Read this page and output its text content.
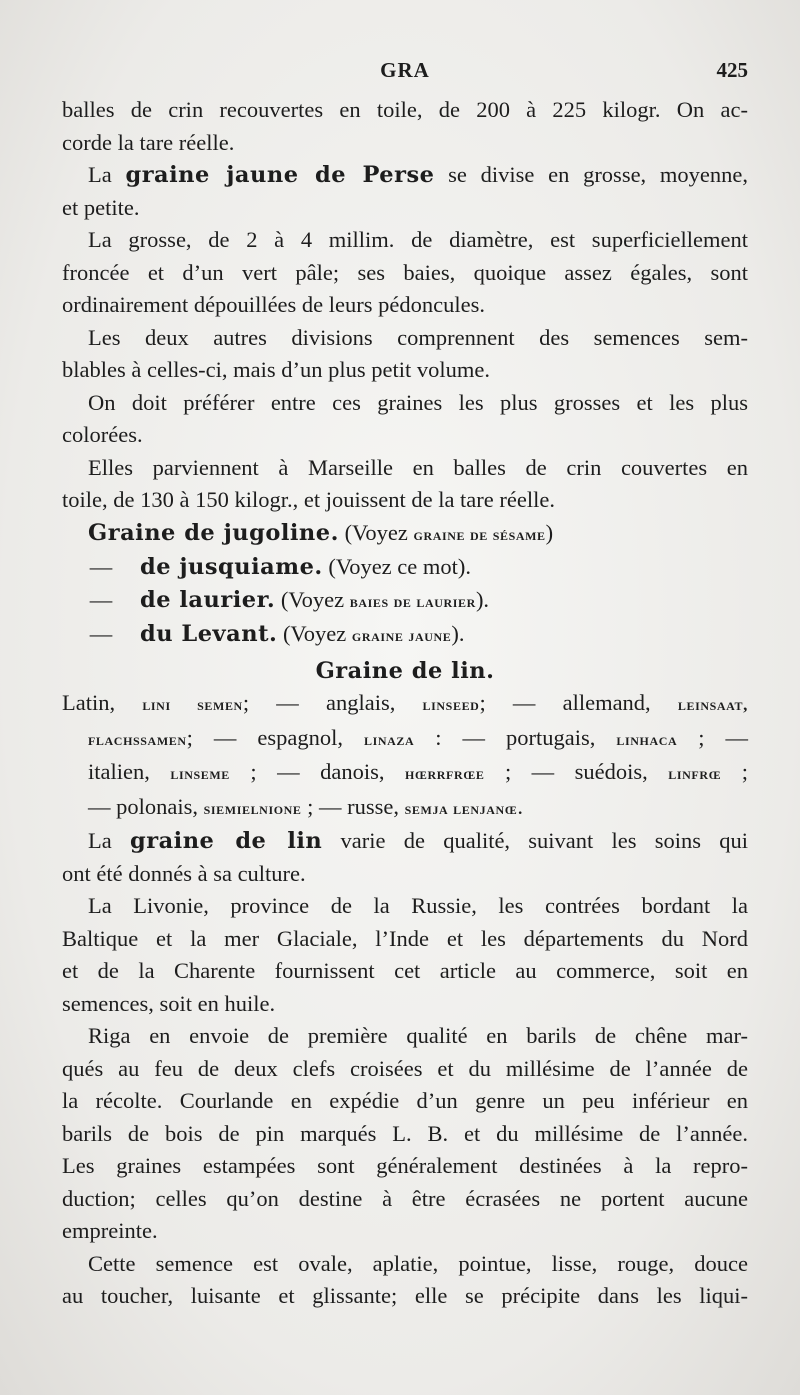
GRA	425

balles de crin recouvertes en toile, de 200 à 225 kilogr. On ac-

corde la tare réelle.

La graine jaune de Perse se divise en grosse, moyenne,

et petite.

La grosse, de 2 à 4 millim. de diamètre, est superficiellement

froncée et d’un vert pâle; ses baies, quoique assez égales, sont

ordinairement dépouillées de leurs pédoncules.

Les deux autres divisions comprennent des semences sem-

blables à celles-ci, mais d’un plus petit volume.

On doit préférer entre ces graines les plus grosses et les plus

colorées.

Elles parviennent à Marseille en balles de crin couvertes en

toile, de 130 à 150 kilogr., et jouissent de la tare réelle.

Graine de jugoline. (Voyez graine de sésame)

— de jusquiame. (Voyez ce mot).

— de laurier. (Voyez baies de laurier).

— du Levant. (Voyez graine jaune).

Graine de lin.

Latin, lini semen; — anglais, linseed; — allemand, leinsaat,

flachssamen; — espagnol, linaza : — portugais, linhaca ; —

italien, linseme ; — danois, hœrrfrœe ; — suédois, linfrœ ;

— polonais, siemielnione ; — russe, semja lenjanœ.

La graine de lin varie de qualité, suivant les soins qui

ont été donnés à sa culture.

La Livonie, province de la Russie, les contrées bordant la

Baltique et la mer Glaciale, l’Inde et les départements du Nord

et de la Charente fournissent cet article au commerce, soit en

semences, soit en huile.

Riga en envoie de première qualité en barils de chêne mar-

qués au feu de deux clefs croisées et du millésime de l’année de

la récolte. Courlande en expédie d’un genre un peu inférieur en

barils de bois de pin marqués L. B. et du millésime de l’année.

Les graines estampées sont généralement destinées à la repro-

duction; celles qu’on destine à être écrasées ne portent aucune

empreinte.

Cette semence est ovale, aplatie, pointue, lisse, rouge, douce

au toucher, luisante et glissante; elle se précipite dans les liqui-
